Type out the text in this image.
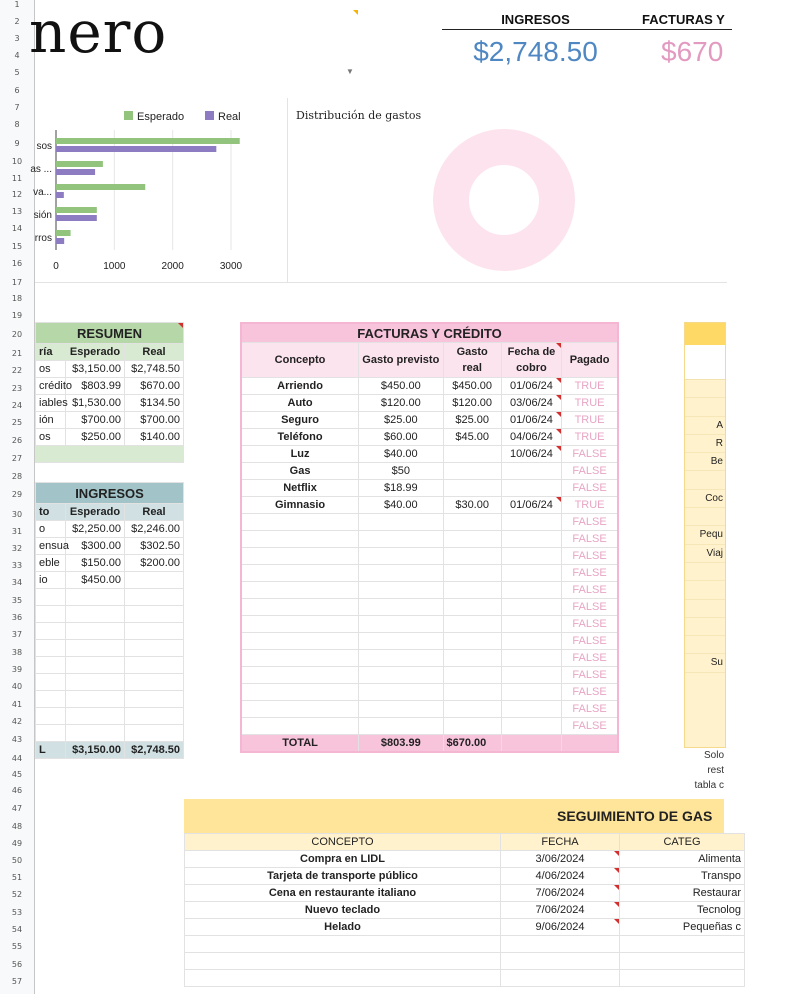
1
2
3
4
5
6
7
8
9
10
11
12
13
14
15
16
17
18
19
20
21
22
23
24
25
26
27
28
29
30
31
32
33
34
35
36
37
38
39
40
41
42
43
44
45
46
47
48
49
50
51
52
53
54
55
56
57
nero
▼
INGRESOS	FACTURAS Y
$2,748.50	$670
Esperado	Real
0	1000	2000	3000
sos
as ...
va...
sión
rros
Distribución de gastos
RESUMEN		
ría	Esperado	Real
os	$3,150.00	$2,748.50
crédito	$803.99	$670.00
iables	$1,530.00	$134.50
ión	$700.00	$700.00
os	$250.00	$140.00

INGRESOS		
to	Esperado	Real
o	$2,250.00	$2,246.00
ensua	$300.00	$302.50
eble	$150.00	$200.00
io	$450.00	

L	$3,150.00	$2,748.50
FACTURAS Y CRÉDITO				
Concepto	Gasto previsto	Gasto real	Fecha de cobro	Pagado
Arriendo	$450.00	$450.00	01/06/24	TRUE
Auto	$120.00	$120.00	03/06/24	TRUE
Seguro	$25.00	$25.00	01/06/24	TRUE
Teléfono	$60.00	$45.00	04/06/24	TRUE
Luz	$40.00		10/06/24	FALSE
Gas	$50			FALSE
Netflix	$18.99			FALSE
Gimnasio	$40.00	$30.00	01/06/24	TRUE
				FALSE
				FALSE
				FALSE
				FALSE
				FALSE
				FALSE
				FALSE
				FALSE
				FALSE
				FALSE
				FALSE
				FALSE
				FALSE
TOTAL	$803.99	$670.00		
A
R
Be
Coc
Pequ
Viaj
Su
Solo
rest
tabla c
SEGUIMIENTO DE GAS
CONCEPTO	FECHA	CATEG
Compra en LIDL	3/06/2024	Alimenta
Tarjeta de transporte público	4/06/2024	Transpo
Cena en restaurante italiano	7/06/2024	Restaurar
Nuevo teclado	7/06/2024	Tecnolog
Helado	9/06/2024	Pequeñas c
